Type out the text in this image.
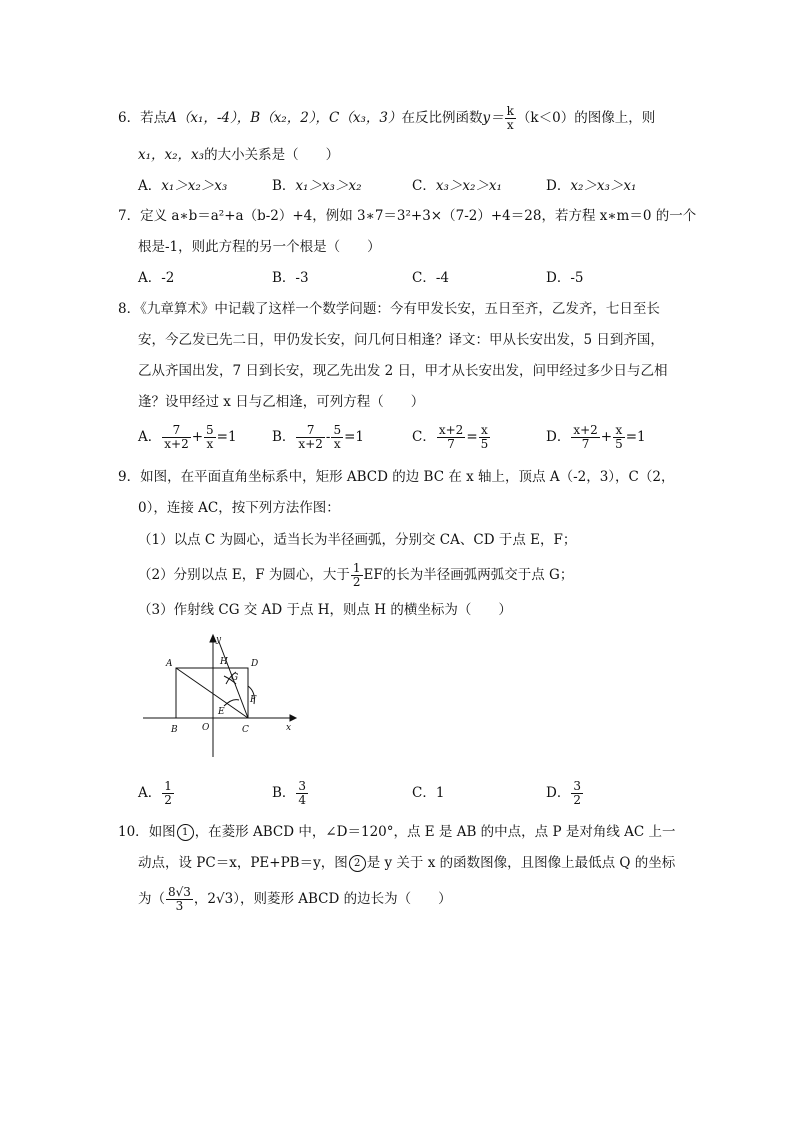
6．若点A（x₁，‑4），B（x₂，2），C（x₃，3）在反比例函数$y= \frac{k}{x} (k<0)$的图像上，则
x₁，x₂，x₃的大小关系是（　　）
A．x₁＞x₂＞x₃	B．x₁＞x₃＞x₂	C．x₃＞x₂＞x₁	D．x₂＞x₃＞x₁
7．定义 a∗b＝a²+a（b‑2）+4，例如 3∗7＝3²+3×（7‑2）+4＝28，若方程 x∗m＝0 的一个
根是‑1，则此方程的另一个根是（　　）
A．‑2	B．‑3	C．‑4	D．‑5
8．《九章算术》中记载了这样一个数学问题：今有甲发长安，五日至齐，乙发齐，七日至长
安，今乙发已先二日，甲仍发长安，问几何日相逢？译文：甲从长安出发，5 日到齐国，
乙从齐国出发，7 日到长安，现乙先出发 2 日，甲才从长安出发，问甲经过多少日与乙相
逢？设甲经过 x 日与乙相逢，可列方程（　　）
A． $\frac{7}{x+2} + \frac{5}{x} =1$	B． $\frac{7}{x+2}$ ‑ $\frac{5}{x} =1$	C． $\frac{x+2}{7} = \frac{x}{5}$	D． $\frac{x+2}{7} + \frac{x}{5} =1$
9．如图，在平面直角坐标系中，矩形 ABCD 的边 BC 在 x 轴上，顶点 A（‑2，3），C（2，
0），连接 AC，按下列方法作图：
（1）以点 C 为圆心，适当长为半径画弧，分别交 CA、CD 于点 E，F；
（2）分别以点 E，F 为圆心，大于 $\frac{1}{2}$ EF的长为半径画弧两弧交于点 G；
（3）作射线 CG 交 AD 于点 H，则点 H 的横坐标为（　　）
A	H	D
G
F
E
B	O	C	x
y
A． $\frac{1}{2}$	B． $\frac{3}{4}$	C．1	D． $\frac{3}{2}$
10．如图 1 ，在菱形 ABCD 中，∠D＝120°，点 E 是 AB 的中点，点 P 是对角线 AC 上一
动点，设 PC＝x，PE+PB＝y，图 2 是 y 关于 x 的函数图像，且图像上最低点 Q 的坐标
为（ $\frac{8√3}{3}$ ，2√3），则菱形 ABCD 的边长为（　　）
